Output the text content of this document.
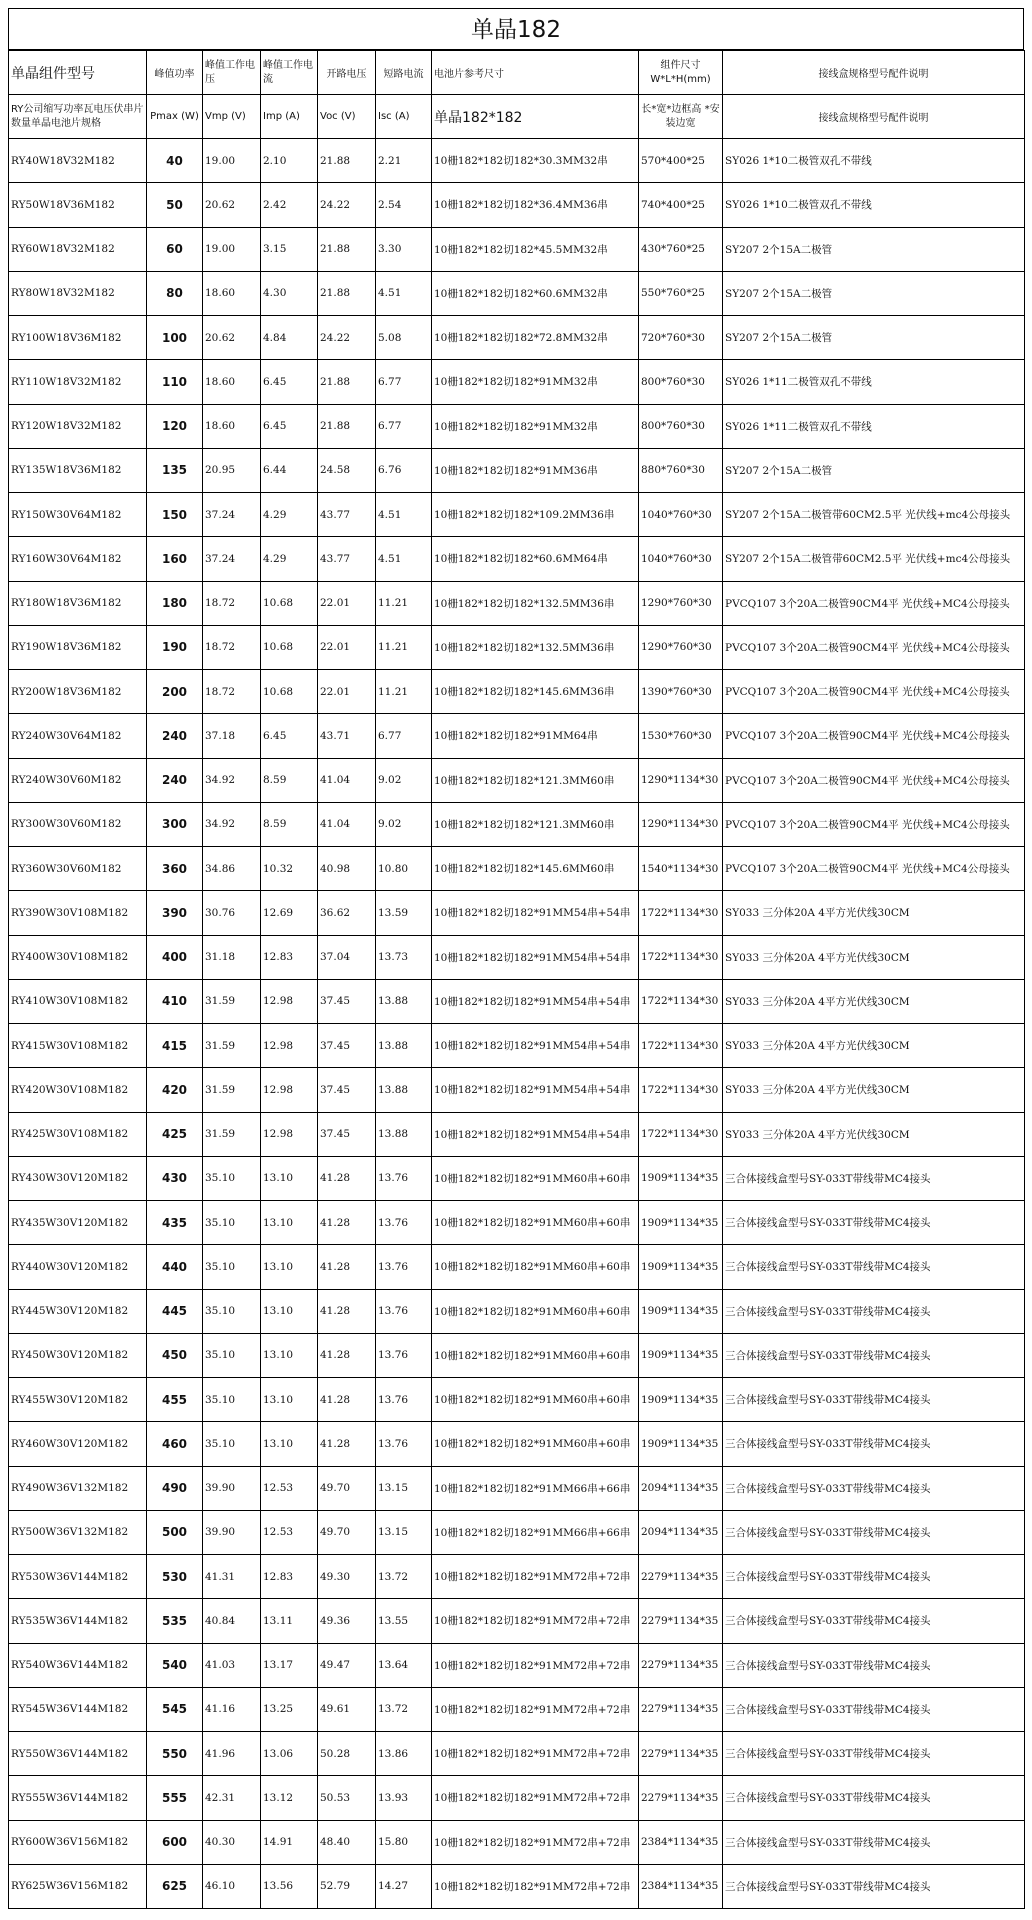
单晶182
单晶组件型号	峰值功率	峰值工作电压	峰值工作电流	开路电压	短路电流	电池片参考尺寸	组件尺寸 W*L*H(mm)	接线盒规格型号配件说明
RY公司缩写功率瓦电压伏串片数量单晶电池片规格	Pmax (W)	Vmp (V)	Imp (A)	Voc (V)	Isc (A)	单晶182*182	长*宽*边框高 *安装边宽	接线盒规格型号配件说明
RY40W18V32M182	40	19.00	2.10	21.88	2.21	10栅182*182切182*30.3MM32串	570*400*25	SY026 1*10二极管双孔不带线
RY50W18V36M182	50	20.62	2.42	24.22	2.54	10栅182*182切182*36.4MM36串	740*400*25	SY026 1*10二极管双孔不带线
RY60W18V32M182	60	19.00	3.15	21.88	3.30	10栅182*182切182*45.5MM32串	430*760*25	SY207 2个15A二极管
RY80W18V32M182	80	18.60	4.30	21.88	4.51	10栅182*182切182*60.6MM32串	550*760*25	SY207 2个15A二极管
RY100W18V36M182	100	20.62	4.84	24.22	5.08	10栅182*182切182*72.8MM32串	720*760*30	SY207 2个15A二极管
RY110W18V32M182	110	18.60	6.45	21.88	6.77	10栅182*182切182*91MM32串	800*760*30	SY026 1*11二极管双孔不带线
RY120W18V32M182	120	18.60	6.45	21.88	6.77	10栅182*182切182*91MM32串	800*760*30	SY026 1*11二极管双孔不带线
RY135W18V36M182	135	20.95	6.44	24.58	6.76	10栅182*182切182*91MM36串	880*760*30	SY207 2个15A二极管
RY150W30V64M182	150	37.24	4.29	43.77	4.51	10栅182*182切182*109.2MM36串	1040*760*30	SY207 2个15A二极管带60CM2.5平 光伏线+mc4公母接头
RY160W30V64M182	160	37.24	4.29	43.77	4.51	10栅182*182切182*60.6MM64串	1040*760*30	SY207 2个15A二极管带60CM2.5平 光伏线+mc4公母接头
RY180W18V36M182	180	18.72	10.68	22.01	11.21	10栅182*182切182*132.5MM36串	1290*760*30	PVCQ107 3个20A二极管90CM4平 光伏线+MC4公母接头
RY190W18V36M182	190	18.72	10.68	22.01	11.21	10栅182*182切182*132.5MM36串	1290*760*30	PVCQ107 3个20A二极管90CM4平 光伏线+MC4公母接头
RY200W18V36M182	200	18.72	10.68	22.01	11.21	10栅182*182切182*145.6MM36串	1390*760*30	PVCQ107 3个20A二极管90CM4平 光伏线+MC4公母接头
RY240W30V64M182	240	37.18	6.45	43.71	6.77	10栅182*182切182*91MM64串	1530*760*30	PVCQ107 3个20A二极管90CM4平 光伏线+MC4公母接头
RY240W30V60M182	240	34.92	8.59	41.04	9.02	10栅182*182切182*121.3MM60串	1290*1134*30	PVCQ107 3个20A二极管90CM4平 光伏线+MC4公母接头
RY300W30V60M182	300	34.92	8.59	41.04	9.02	10栅182*182切182*121.3MM60串	1290*1134*30	PVCQ107 3个20A二极管90CM4平 光伏线+MC4公母接头
RY360W30V60M182	360	34.86	10.32	40.98	10.80	10栅182*182切182*145.6MM60串	1540*1134*30	PVCQ107 3个20A二极管90CM4平 光伏线+MC4公母接头
RY390W30V108M182	390	30.76	12.69	36.62	13.59	10栅182*182切182*91MM54串+54串	1722*1134*30	SY033 三分体20A 4平方光伏线30CM
RY400W30V108M182	400	31.18	12.83	37.04	13.73	10栅182*182切182*91MM54串+54串	1722*1134*30	SY033 三分体20A 4平方光伏线30CM
RY410W30V108M182	410	31.59	12.98	37.45	13.88	10栅182*182切182*91MM54串+54串	1722*1134*30	SY033 三分体20A 4平方光伏线30CM
RY415W30V108M182	415	31.59	12.98	37.45	13.88	10栅182*182切182*91MM54串+54串	1722*1134*30	SY033 三分体20A 4平方光伏线30CM
RY420W30V108M182	420	31.59	12.98	37.45	13.88	10栅182*182切182*91MM54串+54串	1722*1134*30	SY033 三分体20A 4平方光伏线30CM
RY425W30V108M182	425	31.59	12.98	37.45	13.88	10栅182*182切182*91MM54串+54串	1722*1134*30	SY033 三分体20A 4平方光伏线30CM
RY430W30V120M182	430	35.10	13.10	41.28	13.76	10栅182*182切182*91MM60串+60串	1909*1134*35	三合体接线盒型号SY-033T带线带MC4接头
RY435W30V120M182	435	35.10	13.10	41.28	13.76	10栅182*182切182*91MM60串+60串	1909*1134*35	三合体接线盒型号SY-033T带线带MC4接头
RY440W30V120M182	440	35.10	13.10	41.28	13.76	10栅182*182切182*91MM60串+60串	1909*1134*35	三合体接线盒型号SY-033T带线带MC4接头
RY445W30V120M182	445	35.10	13.10	41.28	13.76	10栅182*182切182*91MM60串+60串	1909*1134*35	三合体接线盒型号SY-033T带线带MC4接头
RY450W30V120M182	450	35.10	13.10	41.28	13.76	10栅182*182切182*91MM60串+60串	1909*1134*35	三合体接线盒型号SY-033T带线带MC4接头
RY455W30V120M182	455	35.10	13.10	41.28	13.76	10栅182*182切182*91MM60串+60串	1909*1134*35	三合体接线盒型号SY-033T带线带MC4接头
RY460W30V120M182	460	35.10	13.10	41.28	13.76	10栅182*182切182*91MM60串+60串	1909*1134*35	三合体接线盒型号SY-033T带线带MC4接头
RY490W36V132M182	490	39.90	12.53	49.70	13.15	10栅182*182切182*91MM66串+66串	2094*1134*35	三合体接线盒型号SY-033T带线带MC4接头
RY500W36V132M182	500	39.90	12.53	49.70	13.15	10栅182*182切182*91MM66串+66串	2094*1134*35	三合体接线盒型号SY-033T带线带MC4接头
RY530W36V144M182	530	41.31	12.83	49.30	13.72	10栅182*182切182*91MM72串+72串	2279*1134*35	三合体接线盒型号SY-033T带线带MC4接头
RY535W36V144M182	535	40.84	13.11	49.36	13.55	10栅182*182切182*91MM72串+72串	2279*1134*35	三合体接线盒型号SY-033T带线带MC4接头
RY540W36V144M182	540	41.03	13.17	49.47	13.64	10栅182*182切182*91MM72串+72串	2279*1134*35	三合体接线盒型号SY-033T带线带MC4接头
RY545W36V144M182	545	41.16	13.25	49.61	13.72	10栅182*182切182*91MM72串+72串	2279*1134*35	三合体接线盒型号SY-033T带线带MC4接头
RY550W36V144M182	550	41.96	13.06	50.28	13.86	10栅182*182切182*91MM72串+72串	2279*1134*35	三合体接线盒型号SY-033T带线带MC4接头
RY555W36V144M182	555	42.31	13.12	50.53	13.93	10栅182*182切182*91MM72串+72串	2279*1134*35	三合体接线盒型号SY-033T带线带MC4接头
RY600W36V156M182	600	40.30	14.91	48.40	15.80	10栅182*182切182*91MM72串+72串	2384*1134*35	三合体接线盒型号SY-033T带线带MC4接头
RY625W36V156M182	625	46.10	13.56	52.79	14.27	10栅182*182切182*91MM72串+72串	2384*1134*35	三合体接线盒型号SY-033T带线带MC4接头
